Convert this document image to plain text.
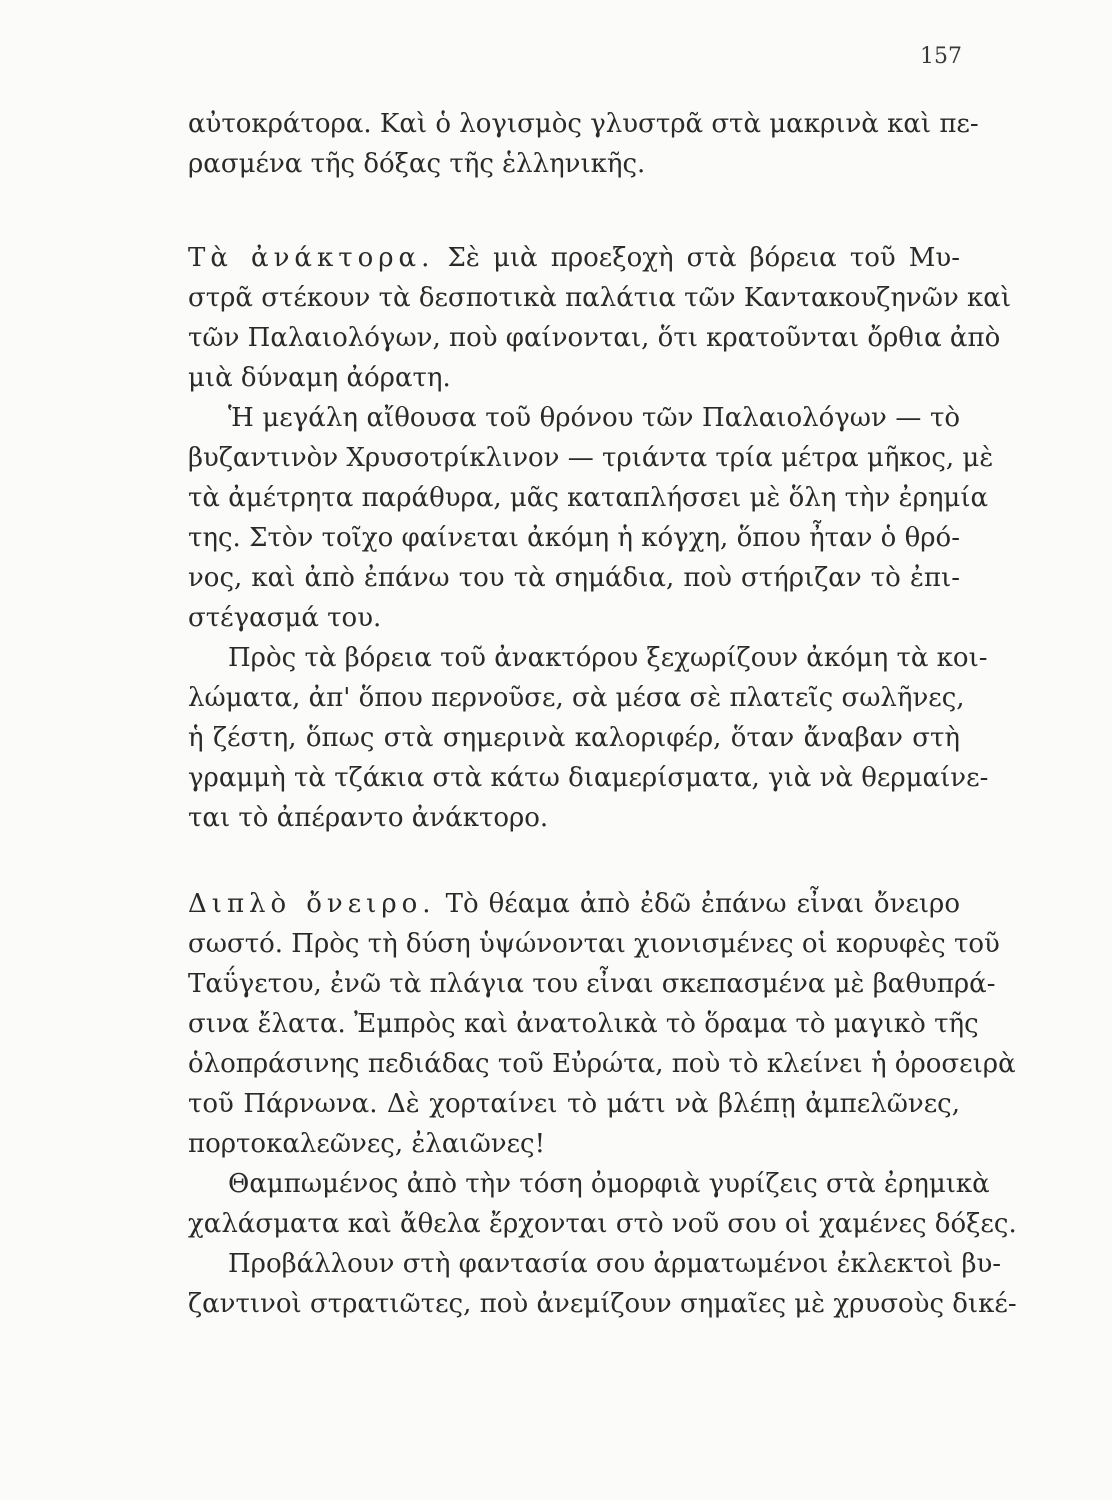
157
αὐτοκράτορα. Καὶ ὁ λογισμὸς γλυστρᾶ στὰ μακρινὰ καὶ πε-
ρασμένα τῆς δόξας τῆς ἑλληνικῆς.
Τὰ ἀνάκτορα. Σὲ μιὰ προεξοχὴ στὰ βόρεια τοῦ Μυ-
στρᾶ στέκουν τὰ δεσποτικὰ παλάτια τῶν Καντακουζηνῶν καὶ
τῶν Παλαιολόγων, ποὺ φαίνονται, ὅτι κρατοῦνται ὄρθια ἀπὸ
μιὰ δύναμη ἀόρατη.
Ἡ μεγάλη αἴθουσα τοῦ θρόνου τῶν Παλαιολόγων — τὸ
βυζαντινὸν Χρυσοτρίκλινον — τριάντα τρία μέτρα μῆκος, μὲ
τὰ ἀμέτρητα παράθυρα, μᾶς καταπλήσσει μὲ ὅλη τὴν ἐρημία
της. Στὸν τοῖχο φαίνεται ἀκόμη ἡ κόγχη, ὅπου ἦταν ὁ θρό-
νος, καὶ ἀπὸ ἐπάνω του τὰ σημάδια, ποὺ στήριζαν τὸ ἐπι-
στέγασμά του.
Πρὸς τὰ βόρεια τοῦ ἀνακτόρου ξεχωρίζουν ἀκόμη τὰ κοι-
λώματα, ἀπ' ὅπου περνοῦσε, σὰ μέσα σὲ πλατεῖς σωλῆνες,
ἡ ζέστη, ὅπως στὰ σημερινὰ καλοριφέρ, ὅταν ἄναβαν στὴ
γραμμὴ τὰ τζάκια στὰ κάτω διαμερίσματα, γιὰ νὰ θερμαίνε-
ται τὸ ἀπέραντο ἀνάκτορο.
Διπλὸ ὄνειρο. Τὸ θέαμα ἀπὸ ἐδῶ ἐπάνω εἶναι ὄνειρο
σωστό. Πρὸς τὴ δύση ὑψώνονται χιονισμένες οἱ κορυφὲς τοῦ
Ταΰγετου, ἐνῶ τὰ πλάγια του εἶναι σκεπασμένα μὲ βαθυπρά-
σινα ἔλατα. Ἐμπρὸς καὶ ἀνατολικὰ τὸ ὅραμα τὸ μαγικὸ τῆς
ὁλοπράσινης πεδιάδας τοῦ Εὐρώτα, ποὺ τὸ κλείνει ἡ ὀροσειρὰ
τοῦ Πάρνωνα. Δὲ χορταίνει τὸ μάτι νὰ βλέπῃ ἀμπελῶνες,
πορτοκαλεῶνες, ἐλαιῶνες!
Θαμπωμένος ἀπὸ τὴν τόση ὀμορφιὰ γυρίζεις στὰ ἐρημικὰ
χαλάσματα καὶ ἄθελα ἔρχονται στὸ νοῦ σου οἱ χαμένες δόξες.
Προβάλλουν στὴ φαντασία σου ἀρματωμένοι ἐκλεκτοὶ βυ-
ζαντινοὶ στρατιῶτες, ποὺ ἀνεμίζουν σημαῖες μὲ χρυσοὺς δικέ-
